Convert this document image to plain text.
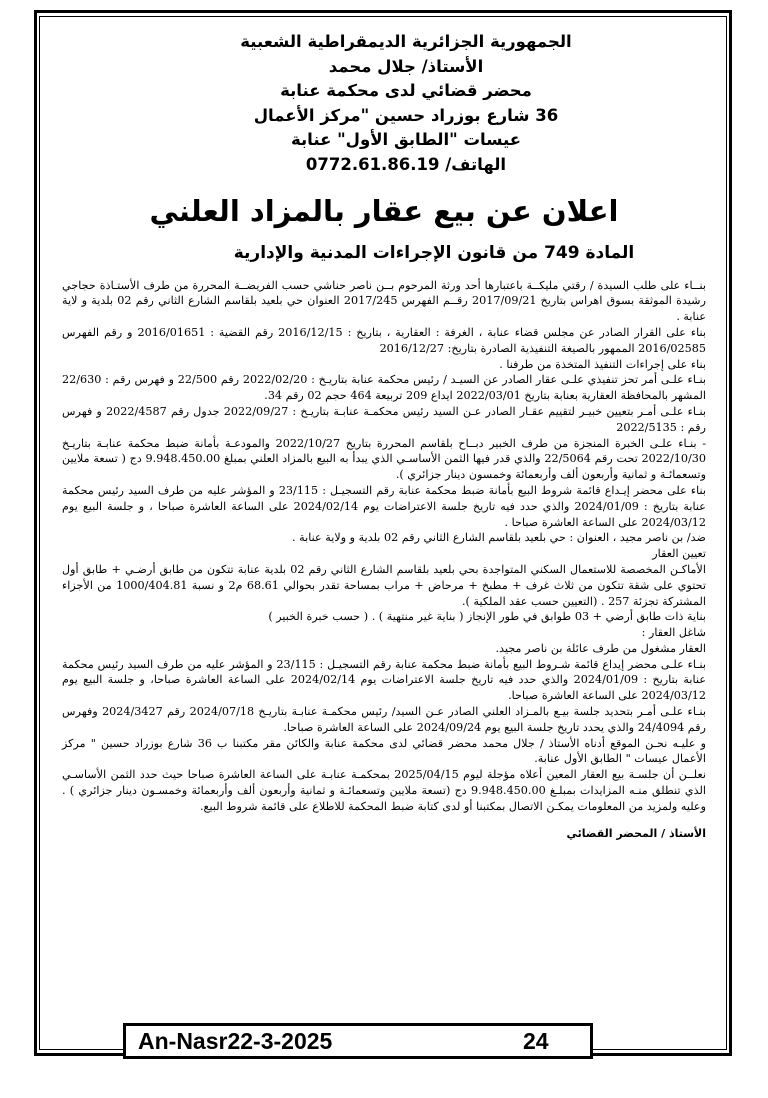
الجمهورية الجزائرية الديمقراطية الشعبية
الأستاذ/ جلال محمد
محضر قضائي لدى محكمة عنابة
36 شارع بوزراد حسين "مركز الأعمال
عيسات "الطابق الأول" عنابة
الهاتف/ 0772.61.86.19
اعلان عن بيع عقار بالمزاد العلني
المادة 749 من قانون الإجراءات المدنية والإدارية

بنــاء على طلب السيدة / رقتي مليكــة باعتبارها أحد ورثة المرحوم بــن ناصر حناشي حسب الفريضــة المحررة من طرف الأستـاذة حجاجي رشيدة الموثقة بسوق اهراس بتاريخ 2017/09/21 رقــم الفهرس 2017/245 العنوان حي بلعيد بلقاسم الشارع الثاني رقم 02 بلدية و لاية عنابة .

بناء على القرار الصادر عن مجلس قضاء عنابة ، الغرفة : العقارية ، بتاريخ : 2016/12/15 رقم القضية : 2016/01651 و رقم الفهرس 2016/02585 الممهور بالصيغة التنفيذية الصادرة بتاريخ: 2016/12/27

بناء على إجراءات التنفيذ المتخذة من طرفنا .

بنـاء علـى أمر تحز تنفيذي علـى عقار الصادر عن السيـد / رئيس محكمة عنابة بتاريـخ : 2022/02/20 رقم 22/500 و فهرس رقم : 22/630 المشهر بالمحافظة العقارية بعنابة بتاريخ 2022/03/01 ايداع 209 تربيعة 464 حجم 02 رقم 34.

بنـاء علـى أمـر بتعيين خبيـر لتقييم عقـار الصادر عـن السيد رئيس محكمـة عنابـة بتاريـخ : 2022/09/27 جدول رقم 2022/4587 و فهرس رقم : 2022/5135

- بنـاء علـى الخبرة المنجزة من طرف الخبير دبــاح بلقاسم المحررة بتاريخ 2022/10/27 والمودعـة بأمانة ضبط محكمة عنابـة بتاريـخ 2022/10/30 تحت رقم 22/5064 والذي قدر فيها الثمن الأساسـي الذي يبدأ به البيع بالمزاد العلني بمبلغ 9.948.450.00 دج ( تسعة ملايين وتسعمائـة و ثمانية وأربعون ألف وأربعمائة وخمسون دينار جزائري ).

بناء على محضر إيـداع قائمة شروط البيع بأمانة ضبط محكمة عنابة رقم التسجيـل : 23/115 و المؤشر عليه من طرف السيد رئيس محكمة عنابة بتاريخ : 2024/01/09 والذي حدد فيه تاريخ جلسة الاعتراضات يوم 2024/02/14 على الساعة العاشرة صباحا ، و جلسة البيع يوم 2024/03/12 على الساعة العاشرة صباحا .

ضد/ بن ناصر مجيد ، العنوان : حي بلعيد بلقاسم الشارع الثاني رقم 02 بلدية و ولاية عنابة .

تعيين العقار

الأماكـن المخصصة للاستعمال السكني المتواجدة بحي بلعيد بلقاسم الشارع الثاني رقم 02 بلدية عنابة تتكون من طابق أرضـي + طابق أول تحتوي على شقة تتكون من ثلاث غرف + مطبخ + مرحاض + مراب بمساحة تقدر بحوالي 68.61 م2 و نسبة 1000/404.81 من الأجزاء المشتركة تجزئة 257 . (التعيين حسب عقد الملكية ).

بناية ذات طابق أرضي + 03 طوابق في طور الإنجاز ( بناية غير منتهية ) . ( حسب خبرة الخبير )

شاغل العقار :

العقار مشغول من طرف عائلة بن ناصر مجيد.

بنـاء علـى محضر إيداع قائمة شـروط البيع بأمانة ضبط محكمة عنابة رقم التسجيـل : 23/115 و المؤشر عليه من طرف السيد رئيس محكمة عنابة بتاريخ : 2024/01/09 والذي حدد فيه تاريخ جلسة الاعتراضات يوم 2024/02/14 على الساعة العاشرة صباحا، و جلسة البيع يوم 2024/03/12 على الساعة العاشرة صباحا.

بنـاء علـى أمـر بتحديد جلسة بيـع بالمـزاد العلني الصادر عـن السيد/ رئيس محكمـة عنابـة بتاريـخ 2024/07/18 رقم 2024/3427 وفهرس رقم 24/4094 والذي يحدد تاريخ جلسة البيع يوم 2024/09/24 على الساعة العاشرة صباحا.

و عليـه نحـن الموقع أدناه الأستاذ / جلال محمد محضر قضائي لدى محكمة عنابة والكائن مقر مكتبنا ب 36 شارع بوزراد حسين " مركز الأعمال عيسات " الطابق الأول عنابة.

نعلــن أن جلسـة بيع العقار المعين أعلاه مؤجلة ليوم 2025/04/15 بمحكمـة عنابـة على الساعة العاشرة صباحا حيث حدد الثمن الأساسـي الذي تنطلق منـه المزايدات بمبلـغ 9.948.450.00 دج (تسعة ملايين وتسعمائـة و ثمانية وأربعون ألف وأربعمائة وخمسـون دينار جزائري ) . وعليه ولمزيد من المعلومات يمكـن الاتصال بمكتبنا أو لدى كتابة ضبط المحكمة للاطلاع على قائمة شروط البيع.

الأستاذ / المحضر القضائي
An-Nasr22-3-2025	24
